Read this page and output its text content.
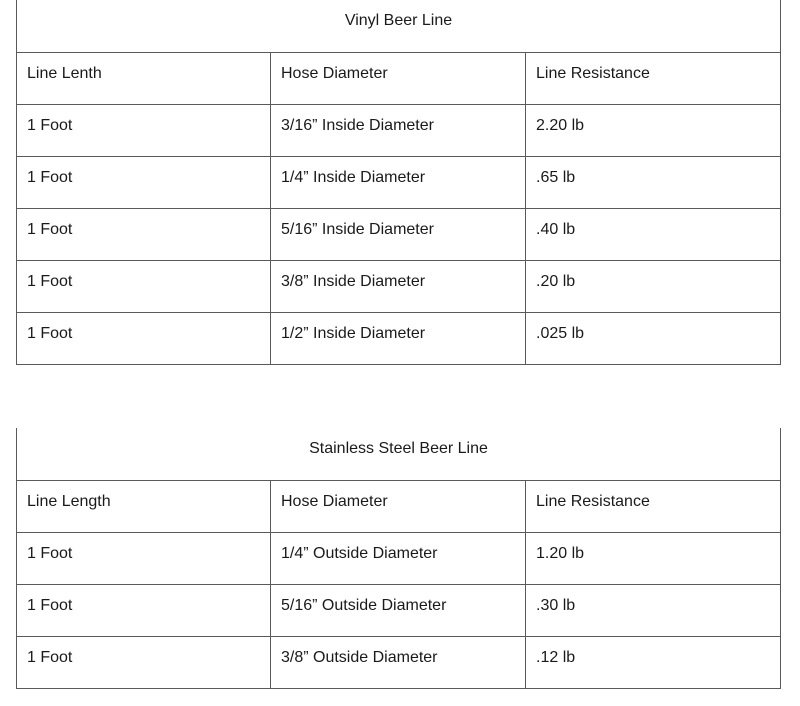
Vinyl Beer Line		
Line Lenth	Hose Diameter	Line Resistance
1 Foot	3/16” Inside Diameter	2.20 lb
1 Foot	1/4” Inside Diameter	.65 lb
1 Foot	5/16” Inside Diameter	.40 lb
1 Foot	3/8” Inside Diameter	.20 lb
1 Foot	1/2” Inside Diameter	.025 lb
Stainless Steel Beer Line		
Line Length	Hose Diameter	Line Resistance
1 Foot	1/4” Outside Diameter	1.20 lb
1 Foot	5/16” Outside Diameter	.30 lb
1 Foot	3/8” Outside Diameter	.12 lb
